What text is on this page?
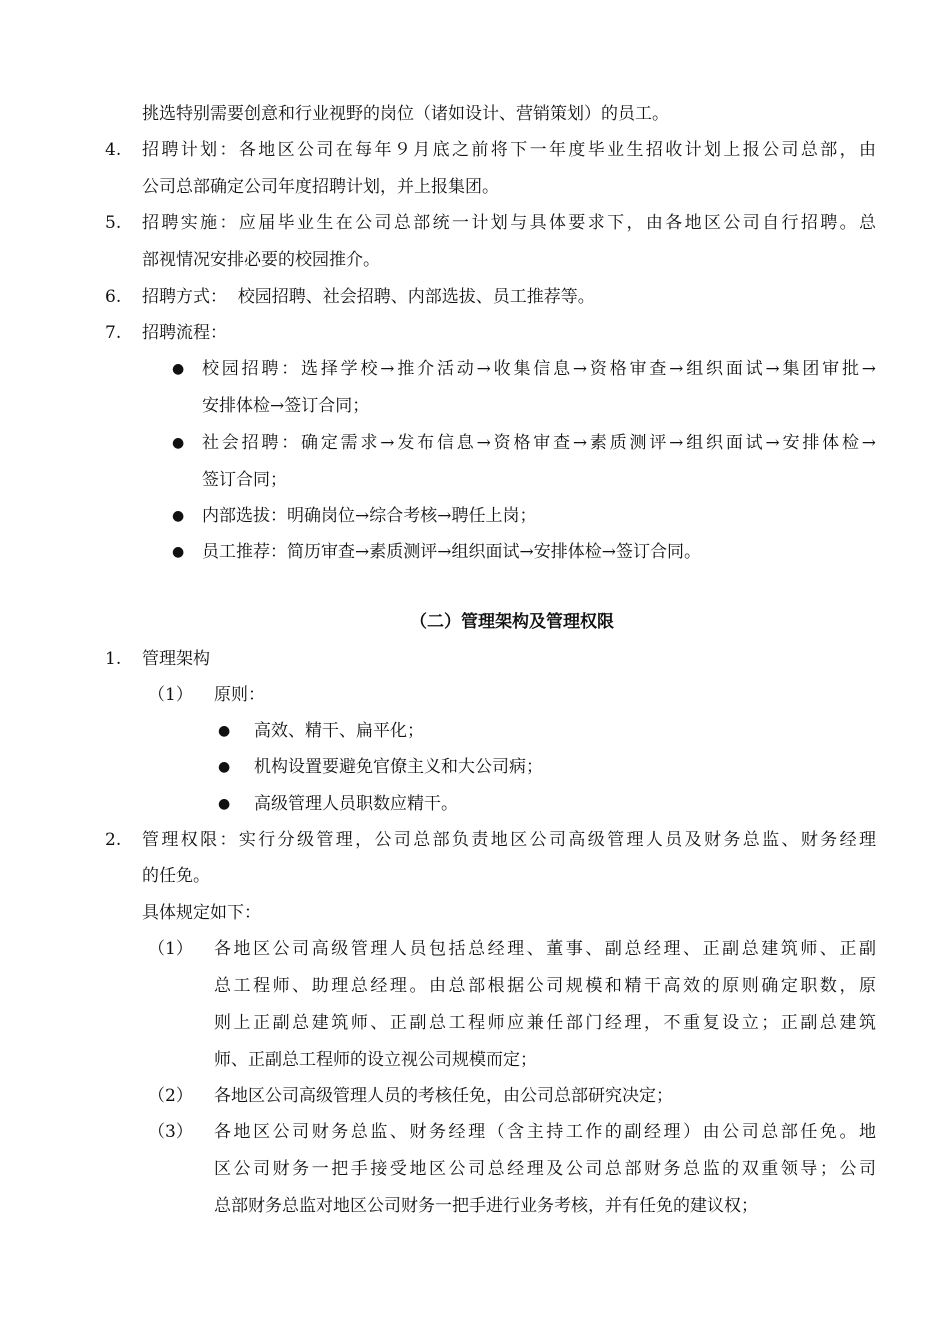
挑选特别需要创意和行业视野的岗位（诸如设计、营销策划）的员工。
4. 招聘计划：各地区公司在每年９月底之前将下一年度毕业生招收计划上报公司总部，由
公司总部确定公司年度招聘计划，并上报集团。
5. 招聘实施：应届毕业生在公司总部统一计划与具体要求下，由各地区公司自行招聘。总
部视情况安排必要的校园推介。
6. 招聘方式：  校园招聘、社会招聘、内部选拔、员工推荐等。
7. 招聘流程：
● 校园招聘：选择学校→推介活动→收集信息→资格审查→组织面试→集团审批→
安排体检→签订合同；
● 社会招聘：确定需求→发布信息→资格审查→素质测评→组织面试→安排体检→
签订合同；
● 内部选拔：明确岗位→综合考核→聘任上岗；
● 员工推荐：简历审查→素质测评→组织面试→安排体检→签订合同。
（二）管理架构及管理权限
1. 管理架构
（1） 原则：
● 高效、精干、扁平化；
● 机构设置要避免官僚主义和大公司病；
● 高级管理人员职数应精干。
2. 管理权限：实行分级管理，公司总部负责地区公司高级管理人员及财务总监、财务经理
的任免。
具体规定如下：
（1） 各地区公司高级管理人员包括总经理、董事、副总经理、正副总建筑师、正副
总工程师、助理总经理。由总部根据公司规模和精干高效的原则确定职数，原
则上正副总建筑师、正副总工程师应兼任部门经理，不重复设立；正副总建筑
师、正副总工程师的设立视公司规模而定；
（2） 各地区公司高级管理人员的考核任免，由公司总部研究决定；
（3） 各地区公司财务总监、财务经理（含主持工作的副经理）由公司总部任免。地
区公司财务一把手接受地区公司总经理及公司总部财务总监的双重领导；公司
总部财务总监对地区公司财务一把手进行业务考核，并有任免的建议权；
